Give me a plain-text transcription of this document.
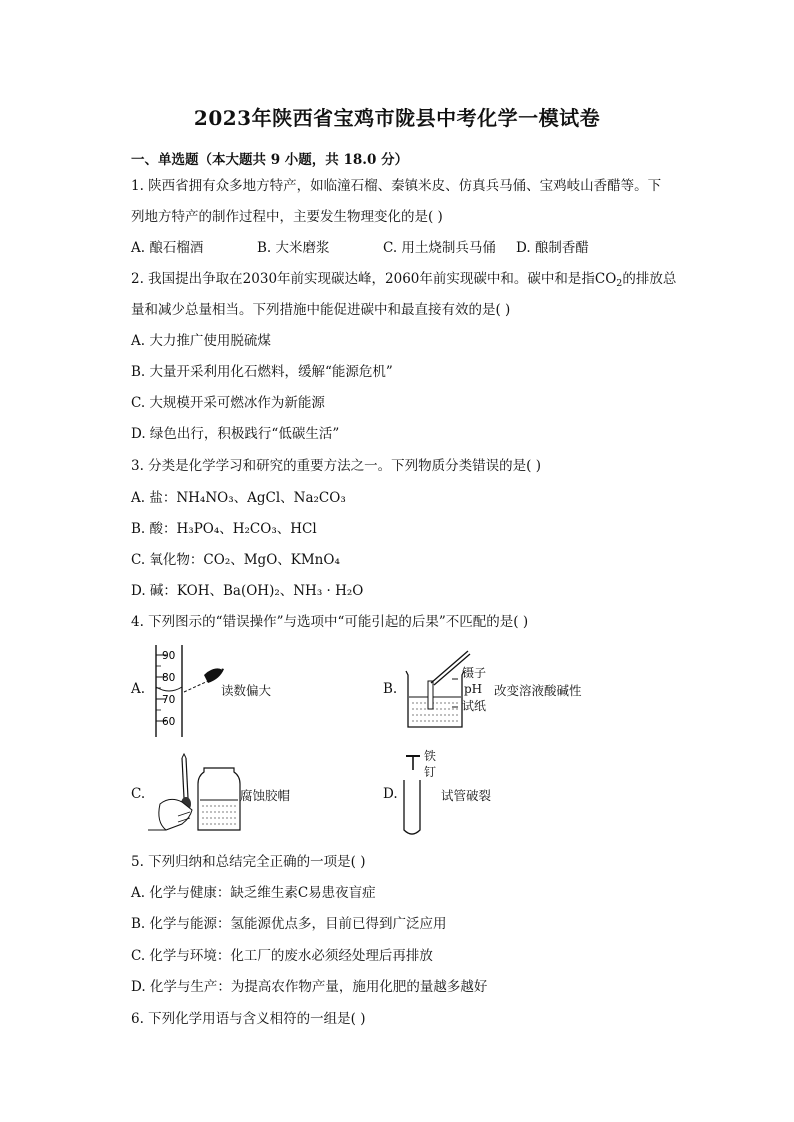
2023年陕西省宝鸡市陇县中考化学一模试卷
一、单选题（本大题共 9 小题，共 18.0 分）
1. 陕西省拥有众多地方特产，如临潼石榴、秦镇米皮、仿真兵马俑、宝鸡岐山香醋等。下
列地方特产的制作过程中，主要发生物理变化的是( )
A. 酿石榴酒	B. 大米磨浆	C. 用土烧制兵马俑 D. 酿制香醋
2. 我国提出争取在2030年前实现碳达峰，2060年前实现碳中和。碳中和是指$CO_2$的排放总
量和减少总量相当。下列措施中能促进碳中和最直接有效的是( )
A. 大力推广使用脱硫煤
B. 大量开采利用化石燃料，缓解“能源危机”
C. 大规模开采可燃冰作为新能源
D. 绿色出行，积极践行“低碳生活”
3. 分类是化学学习和研究的重要方法之一。下列物质分类错误的是( )
A. 盐：NH₄NO₃、AgCl、Na₂CO₃
B. 酸：H₃PO₄、H₂CO₃、HCl
C. 氧化物：CO₂、MgO、KMnO₄
D. 碱：KOH、Ba(OH)₂、NH₃ · H₂O
4. 下列图示的“错误操作”与选项中“可能引起的后果”不匹配的是( )
A.
90
80
70
60
读数偏大	B.
镊子
pH
试纸
改变溶液酸碱性
C.	腐蚀胶帽	D.
铁
钉
试管破裂
5. 下列归纳和总结完全正确的一项是( )
A. 化学与健康：缺乏维生素C易患夜盲症
B. 化学与能源：氢能源优点多，目前已得到广泛应用
C. 化学与环境：化工厂的废水必须经处理后再排放
D. 化学与生产：为提高农作物产量，施用化肥的量越多越好
6. 下列化学用语与含义相符的一组是( )
